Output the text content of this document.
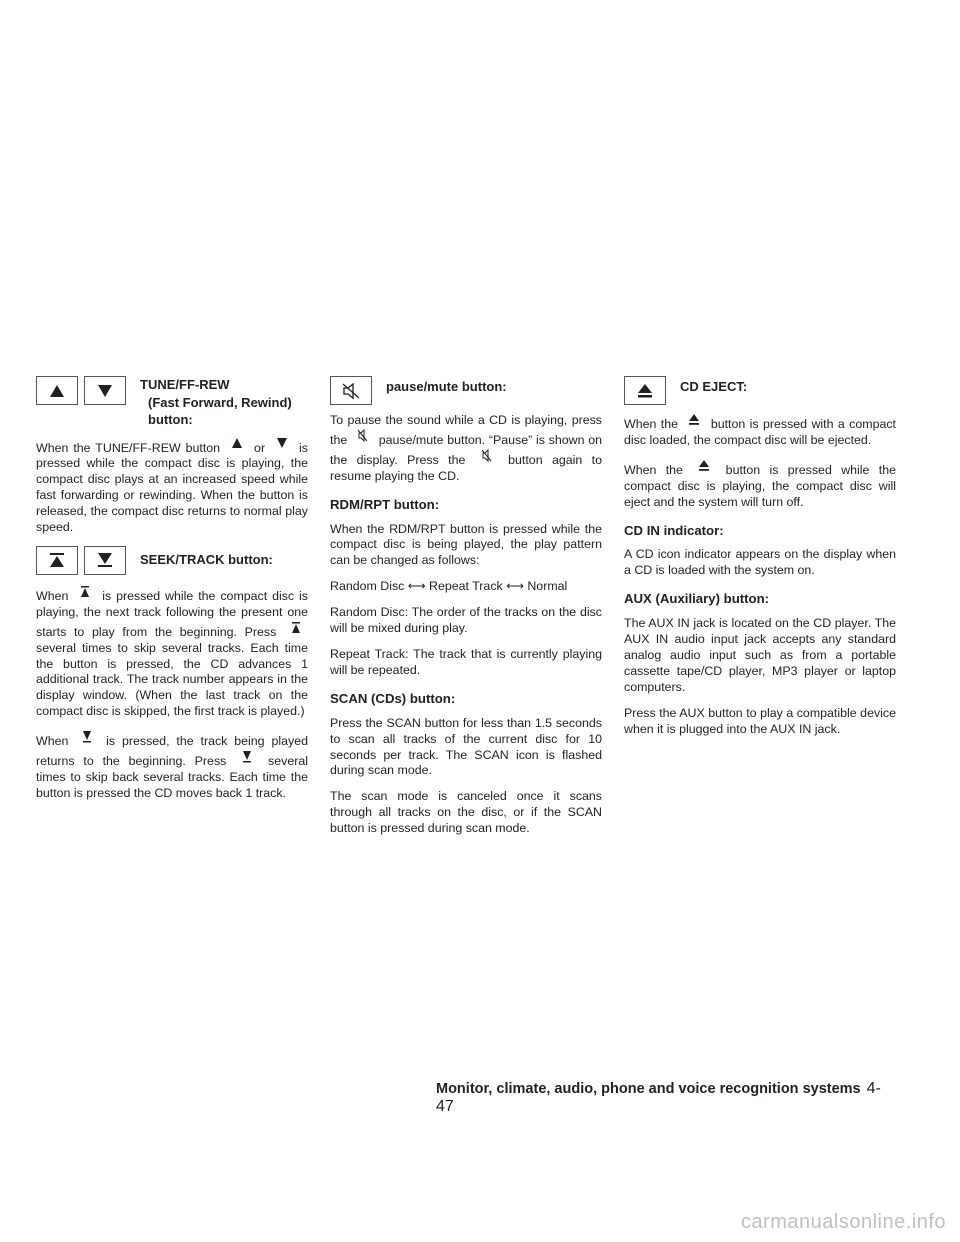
TUNE/FF-REW
(Fast Forward, Rewind)
button:

When the TUNE/FF-REW button	or	is pressed while the compact disc is playing, the compact disc plays at an increased speed while fast forwarding or rewinding. When the button is released, the compact disc returns to normal play speed.

SEEK/TRACK button:

When	is pressed while the compact disc is playing, the next track following the present one starts to play from the beginning. Press  several times to skip several tracks. Each time the button is pressed, the CD advances 1 additional track. The track number appears in the display window. (When the last track on the compact disc is skipped, the first track is played.)

When	is pressed, the track being played returns to the beginning. Press	several times to skip back several tracks. Each time the button is pressed the CD moves back 1 track.

pause/mute button:

To pause the sound while a CD is playing, press the	pause/mute button. “Pause” is shown on the display. Press the	button again to resume playing the CD.

RDM/RPT button:

When the RDM/RPT button is pressed while the compact disc is being played, the play pattern can be changed as follows:

Random Disc ⟷ Repeat Track ⟷ Normal

Random Disc: The order of the tracks on the disc will be mixed during play.

Repeat Track: The track that is currently playing will be repeated.

SCAN (CDs) button:

Press the SCAN button for less than 1.5 seconds to scan all tracks of the current disc for 10 seconds per track. The SCAN icon is flashed during scan mode.

The scan mode is canceled once it scans through all tracks on the disc, or if the SCAN button is pressed during scan mode.

CD EJECT:

When the	button is pressed with a compact disc loaded, the compact disc will be ejected.

When the	button is pressed while the compact disc is playing, the compact disc will eject and the system will turn off.

CD IN indicator:

A CD icon indicator appears on the display when a CD is loaded with the system on.

AUX (Auxiliary) button:

The AUX IN jack is located on the CD player. The AUX IN audio input jack accepts any standard analog audio input such as from a portable cassette tape/CD player, MP3 player or laptop computers.

Press the AUX button to play a compatible device when it is plugged into the AUX IN jack.

Monitor, climate, audio, phone and voice recognition systems 4-47
carmanualsonline.info
